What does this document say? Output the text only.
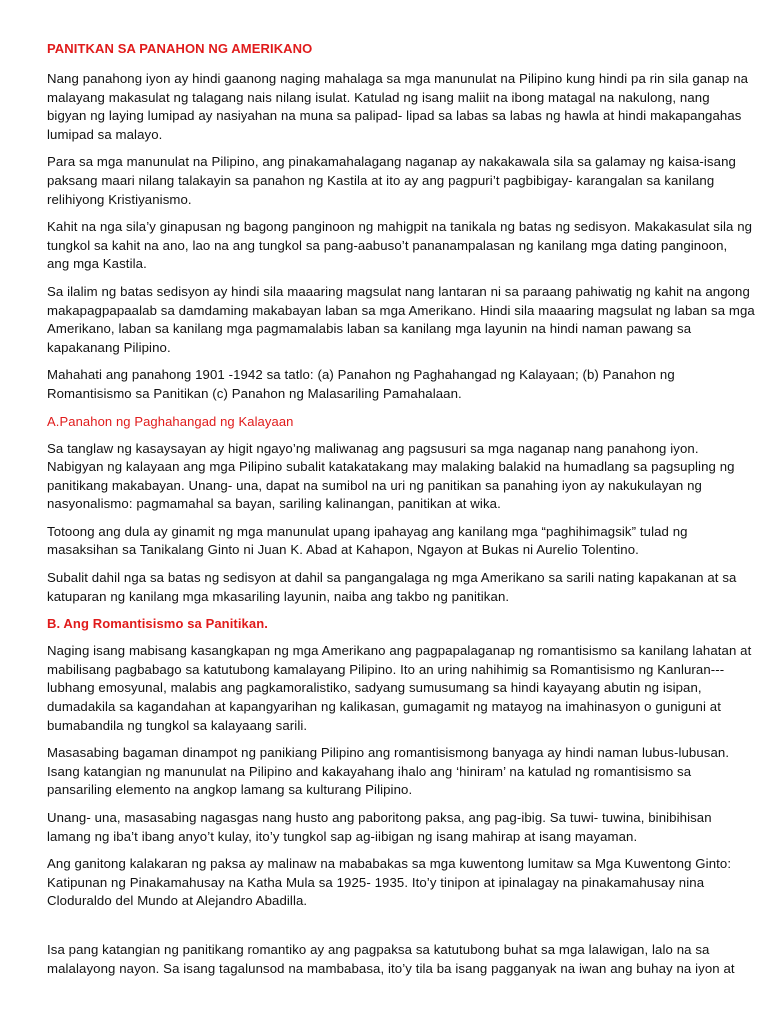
PANITKAN SA PANAHON NG AMERIKANO

Nang panahong iyon ay hindi gaanong naging mahalaga sa mga manunulat na Pilipino kung hindi pa rin sila ganap na
malayang makasulat ng talagang nais nilang isulat. Katulad ng isang maliit na ibong matagal na nakulong, nang
bigyan ng laying lumipad ay nasiyahan na muna sa palipad- lipad sa labas sa labas ng hawla at hindi makapangahas
lumipad sa malayo.

Para sa mga manunulat na Pilipino, ang pinakamahalagang naganap ay nakakawala sila sa galamay ng kaisa-isang
paksang maari nilang talakayin sa panahon ng Kastila at ito ay ang pagpuri’t pagbibigay- karangalan sa kanilang
relihiyong Kristiyanismo.

Kahit na nga sila’y ginapusan ng bagong panginoon ng mahigpit na tanikala ng batas ng sedisyon. Makakasulat sila ng
tungkol sa kahit na ano, lao na ang tungkol sa pang-aabuso’t pananampalasan ng kanilang mga dating panginoon,
ang mga Kastila.

Sa ilalim ng batas sedisyon ay hindi sila maaaring magsulat nang lantaran ni sa paraang pahiwatig ng kahit na angong
makapagpapaalab sa damdaming makabayan laban sa mga Amerikano. Hindi sila maaaring magsulat ng laban sa mga
Amerikano, laban sa kanilang mga pagmamalabis laban sa kanilang mga layunin na hindi naman pawang sa
kapakanang Pilipino.

Mahahati ang panahong 1901 -1942 sa tatlo: (a) Panahon ng Paghahangad ng Kalayaan; (b) Panahon ng
Romantisismo sa Panitikan (c) Panahon ng Malasariling Pamahalaan.

A.Panahon ng Paghahangad ng Kalayaan

Sa tanglaw ng kasaysayan ay higit ngayo’ng maliwanag ang pagsusuri sa mga naganap nang panahong iyon.
Nabigyan ng kalayaan ang mga Pilipino subalit katakatakang may malaking balakid na humadlang sa pagsupling ng
panitikang makabayan. Unang- una, dapat na sumibol na uri ng panitikan sa panahing iyon ay nakukulayan ng
nasyonalismo: pagmamahal sa bayan, sariling kalinangan, panitikan at wika.

Totoong ang dula ay ginamit ng mga manunulat upang ipahayag ang kanilang mga “paghihimagsik” tulad ng
masaksihan sa Tanikalang Ginto ni Juan K. Abad at Kahapon, Ngayon at Bukas ni Aurelio Tolentino.

Subalit dahil nga sa batas ng sedisyon at dahil sa pangangalaga ng mga Amerikano sa sarili nating kapakanan at sa
katuparan ng kanilang mga mkasariling layunin, naiba ang takbo ng panitikan.

B. Ang Romantisismo sa Panitikan.

Naging isang mabisang kasangkapan ng mga Amerikano ang pagpapalaganap ng romantisismo sa kanilang lahatan at
mabilisang pagbabago sa katutubong kamalayang Pilipino. Ito an uring nahihimig sa Romantisismo ng Kanluran---
lubhang emosyunal, malabis ang pagkamoralistiko, sadyang sumusumang sa hindi kayayang abutin ng isipan,
dumadakila sa kagandahan at kapangyarihan ng kalikasan, gumagamit ng matayog na imahinasyon o guniguni at
bumabandila ng tungkol sa kalayaang sarili.

Masasabing bagaman dinampot ng panikiang Pilipino ang romantisismong banyaga ay hindi naman lubus-lubusan.
Isang katangian ng manunulat na Pilipino and kakayahang ihalo ang ‘hiniram’ na katulad ng romantisismo sa
pansariling elemento na angkop lamang sa kulturang Pilipino.

Unang- una, masasabing nagasgas nang husto ang paboritong paksa, ang pag-ibig. Sa tuwi- tuwina, binibihisan
lamang ng iba’t ibang anyo’t kulay, ito’y tungkol sap ag-iibigan ng isang mahirap at isang mayaman.

Ang ganitong kalakaran ng paksa ay malinaw na mababakas sa mga kuwentong lumitaw sa Mga Kuwentong Ginto:
Katipunan ng Pinakamahusay na Katha Mula sa 1925- 1935. Ito’y tinipon at ipinalagay na pinakamahusay nina
Cloduraldo del Mundo at Alejandro Abadilla.

Isa pang katangian ng panitikang romantiko ay ang pagpaksa sa katutubong buhat sa mga lalawigan, lalo na sa
malalayong nayon. Sa isang tagalunsod na mambabasa, ito’y tila ba isang pagganyak na iwan ang buhay na iyon at
